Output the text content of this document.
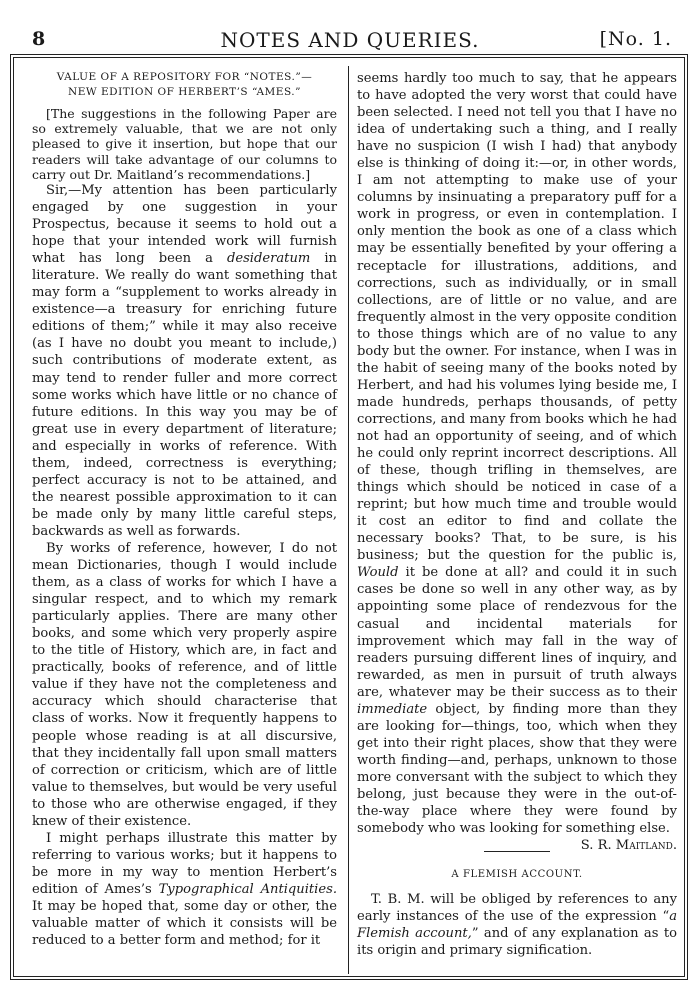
8	NOTES AND QUERIES.	[No. 1.
VALUE OF A REPOSITORY FOR “NOTES.”—
NEW EDITION OF HERBERT’S “AMES.”

[The suggestions in the following Paper are so extremely valuable, that we are not only pleased to give it insertion, but hope that our readers will take advantage of our columns to carry out Dr. Maitland’s recommendations.]

Sir,—My attention has been particularly engaged by one suggestion in your Prospectus, because it seems to hold out a hope that your intended work will furnish what has long been a desideratum in literature. We really do want something that may form a “supplement to works already in existence—a treasury for enriching future editions of them;” while it may also receive (as I have no doubt you meant to include,) such contributions of moderate extent, as may tend to render fuller and more correct some works which have little or no chance of future editions. In this way you may be of great use in every department of literature; and especially in works of reference. With them, indeed, correctness is everything; perfect accuracy is not to be attained, and the nearest possible approximation to it can be made only by many little careful steps, backwards as well as forwards.

By works of reference, however, I do not mean Dictionaries, though I would include them, as a class of works for which I have a singular respect, and to which my remark particularly applies. There are many other books, and some which very properly aspire to the title of History, which are, in fact and practically, books of reference, and of little value if they have not the completeness and accuracy which should characterise that class of works. Now it frequently happens to people whose reading is at all discursive, that they incidentally fall upon small matters of correction or criticism, which are of little value to themselves, but would be very useful to those who are otherwise engaged, if they knew of their existence.

I might perhaps illustrate this matter by referring to various works; but it happens to be more in my way to mention Herbert’s edition of Ames’s Typographical Antiquities. It may be hoped that, some day or other, the valuable matter of which it consists will be reduced to a better form and method; for it

seems hardly too much to say, that he appears to have adopted the very worst that could have been selected. I need not tell you that I have no idea of undertaking such a thing, and I really have no suspicion (I wish I had) that anybody else is thinking of doing it:—or, in other words, I am not attempting to make use of your columns by insinuating a preparatory puff for a work in progress, or even in contemplation. I only mention the book as one of a class which may be essentially benefited by your offering a receptacle for illustrations, additions, and corrections, such as individually, or in small collections, are of little or no value, and are frequently almost in the very opposite condition to those things which are of no value to any body but the owner. For instance, when I was in the habit of seeing many of the books noted by Herbert, and had his volumes lying beside me, I made hundreds, perhaps thousands, of petty corrections, and many from books which he had not had an opportunity of seeing, and of which he could only reprint incorrect descriptions. All of these, though trifling in themselves, are things which should be noticed in case of a reprint; but how much time and trouble would it cost an editor to find and collate the necessary books? That, to be sure, is his business; but the question for the public is, Would it be done at all? and could it in such cases be done so well in any other way, as by appointing some place of rendezvous for the casual and incidental materials for improvement which may fall in the way of readers pursuing different lines of inquiry, and rewarded, as men in pursuit of truth always are, whatever may be their success as to their immediate object, by finding more than they are looking for—things, too, which when they get into their right places, show that they were worth finding—and, perhaps, unknown to those more conversant with the subject to which they belong, just because they were in the out-of-the-way place where they were found by somebody who was looking for something else.
S. R. Maitland.

A FLEMISH ACCOUNT.

T. B. M. will be obliged by references to any early instances of the use of the expression “a Flemish account,” and of any explanation as to its origin and primary signification.
